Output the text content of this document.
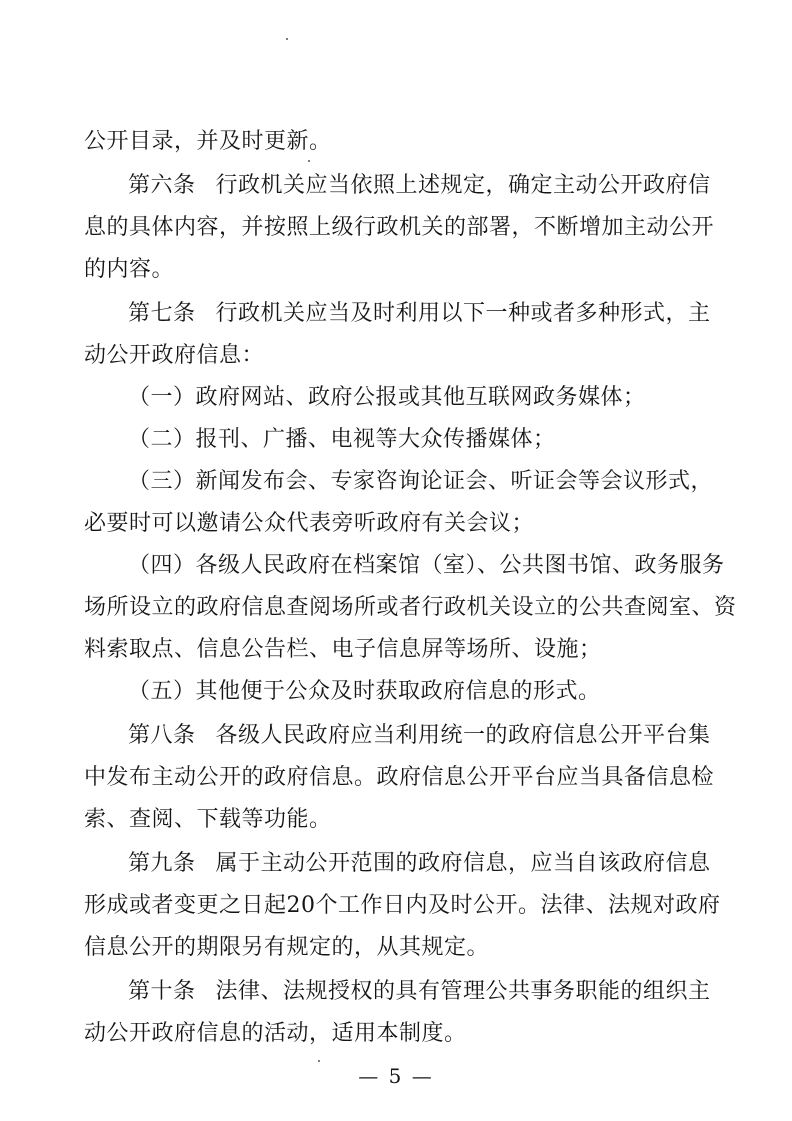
公开目录，并及时更新。
第六条 行政机关应当依照上述规定，确定主动公开政府信
息的具体内容，并按照上级行政机关的部署，不断增加主动公开
的内容。
第七条 行政机关应当及时利用以下一种或者多种形式，主
动公开政府信息：
（一）政府网站、政府公报或其他互联网政务媒体；
（二）报刊、广播、电视等大众传播媒体；
（三）新闻发布会、专家咨询论证会、听证会等会议形式，
必要时可以邀请公众代表旁听政府有关会议；
（四）各级人民政府在档案馆（室）、公共图书馆、政务服务
场所设立的政府信息查阅场所或者行政机关设立的公共查阅室、资
料索取点、信息公告栏、电子信息屏等场所、设施；
（五）其他便于公众及时获取政府信息的形式。
第八条 各级人民政府应当利用统一的政府信息公开平台集
中发布主动公开的政府信息。政府信息公开平台应当具备信息检
索、查阅、下载等功能。
第九条 属于主动公开范围的政府信息，应当自该政府信息
形成或者变更之日起20个工作日内及时公开。法律、法规对政府
信息公开的期限另有规定的，从其规定。
第十条 法律、法规授权的具有管理公共事务职能的组织主
动公开政府信息的活动，适用本制度。
— 5 —
